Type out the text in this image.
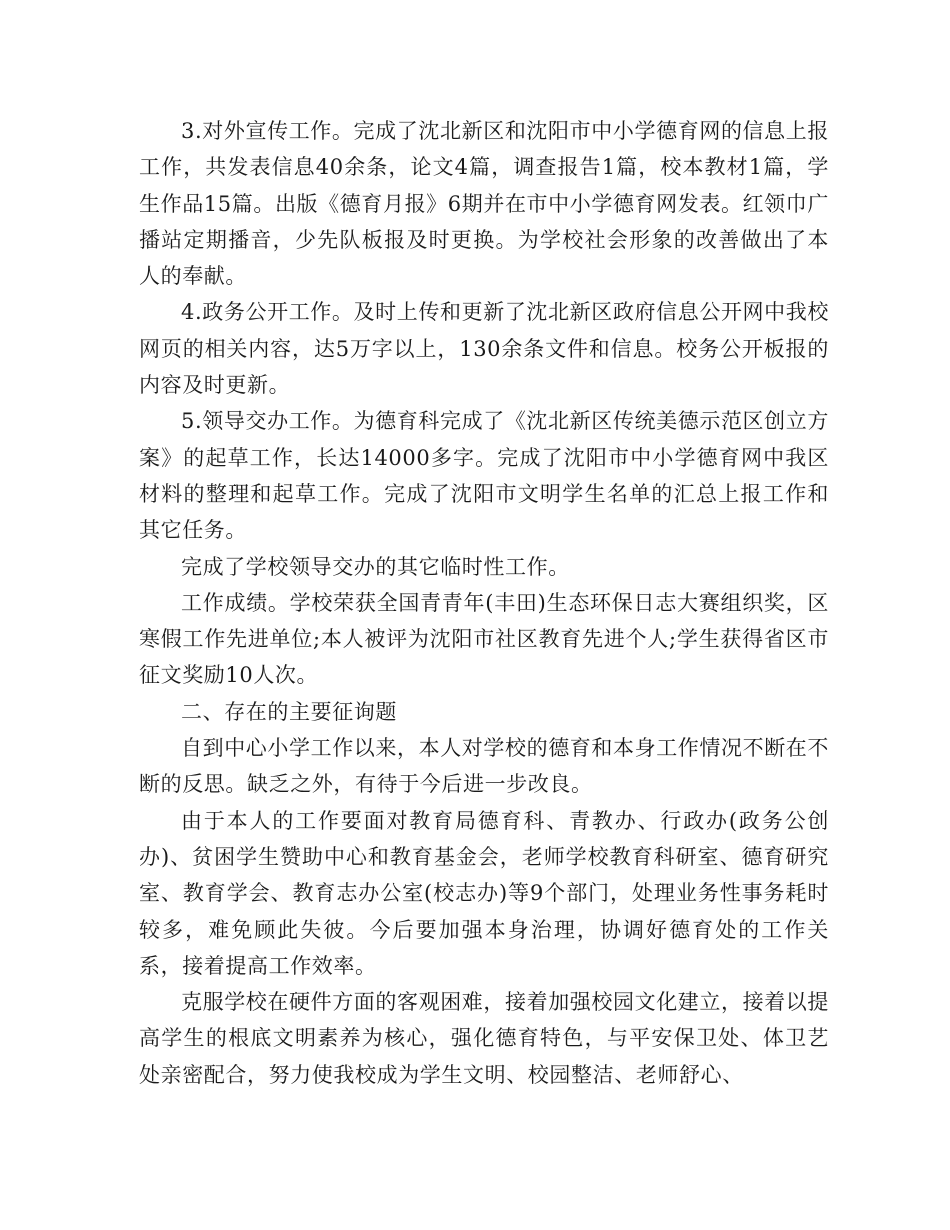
3.对外宣传工作。完成了沈北新区和沈阳市中小学德育网的信息上报工作，共发表信息40余条，论文4篇，调查报告1篇，校本教材1篇，学生作品15篇。出版《德育月报》6期并在市中小学德育网发表。红领巾广播站定期播音，少先队板报及时更换。为学校社会形象的改善做出了本人的奉献。

4.政务公开工作。及时上传和更新了沈北新区政府信息公开网中我校网页的相关内容，达5万字以上，130余条文件和信息。校务公开板报的内容及时更新。

5.领导交办工作。为德育科完成了《沈北新区传统美德示范区创立方案》的起草工作，长达14000多字。完成了沈阳市中小学德育网中我区材料的整理和起草工作。完成了沈阳市文明学生名单的汇总上报工作和其它任务。

完成了学校领导交办的其它临时性工作。

工作成绩。学校荣获全国青青年(丰田)生态环保日志大赛组织奖，区寒假工作先进单位;本人被评为沈阳市社区教育先进个人;学生获得省区市征文奖励10人次。

二、存在的主要征询题

自到中心小学工作以来，本人对学校的德育和本身工作情况不断在不断的反思。缺乏之外，有待于今后进一步改良。

由于本人的工作要面对教育局德育科、青教办、行政办(政务公创办)、贫困学生赞助中心和教育基金会，老师学校教育科研室、德育研究室、教育学会、教育志办公室(校志办)等9个部门，处理业务性事务耗时较多，难免顾此失彼。今后要加强本身治理，协调好德育处的工作关系，接着提高工作效率。

克服学校在硬件方面的客观困难，接着加强校园文化建立，接着以提高学生的根底文明素养为核心，强化德育特色，与平安保卫处、体卫艺处亲密配合，努力使我校成为学生文明、校园整洁、老师舒心、
